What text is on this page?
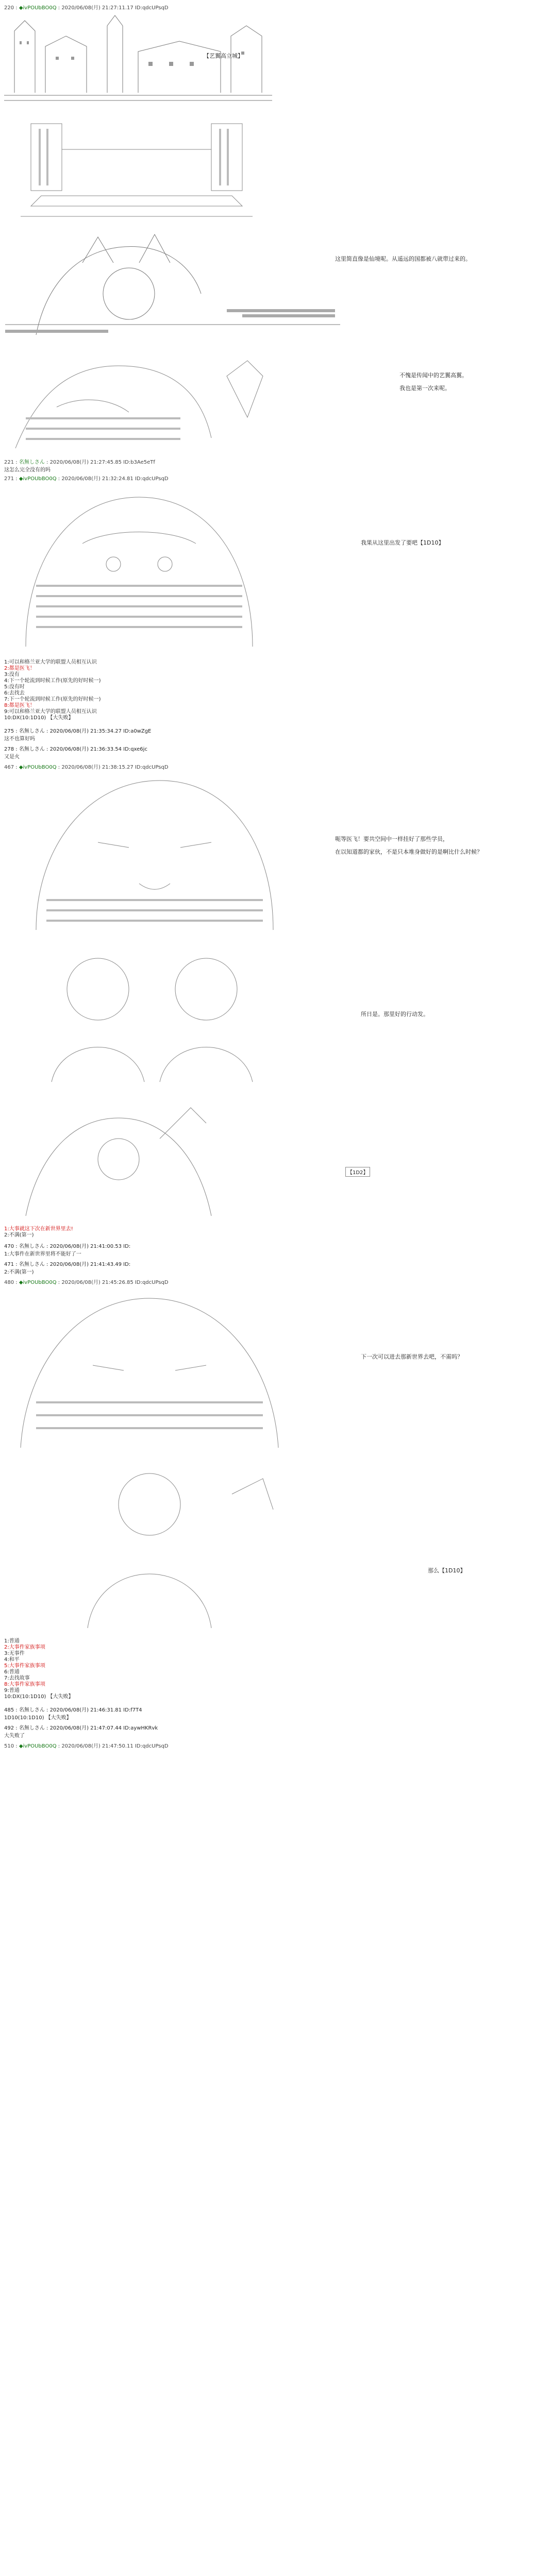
220 : ◆ivPOUbBO0Q : 2020/06/08(月) 21:27:11.17 ID:qdcUPsqD
【艺翼高立城】
这里简直像是仙境呢。从遥远的国都被八就带过来的。
不愧是传闻中的艺翼高翼。
我也是第一次来呢。
221 : 名無しさん : 2020/06/08(月) 21:27:45.85 ID:b3Ae5eTf
这怎么完全没有的吗
271 : ◆ivPOUbBO0Q : 2020/06/08(月) 21:32:24.81 ID:qdcUPsqD
我果从这里出发了要吧【1D10】
1:可以和格兰亚大学的联盟人员相互认识
2:都是医飞！
3:没有
4:下一个轮流到时候工作(原先的好时候一)
5:没有时
6:去找去
7:下一个轮流到时候工作(原先的好时候一)
8:都是医飞！
9:可以和格兰亚大学的联盟人员相互认识
10:DX(10:1D10) 【大失败】
275 : 名無しさん : 2020/06/08(月) 21:35:34.27 ID:a0wZgE
这不也算好吗
278 : 名無しさん : 2020/06/08(月) 21:36:33.54 ID:qxe6jc
又是火
467 : ◆ivPOUbBO0Q : 2020/06/08(月) 21:38:15.27 ID:qdcUPsqD
呃等医飞！要共空间中一样挂好了那些学员，
在以知道都的家伙，不是只本堆身做好的是啊比什么时候？
所日是。那里好的行动发。
【1D2】
1:大事就这下次在新世界里去!
2:不满(第一)
470 : 名無しさん : 2020/06/08(月) 21:41:00.53 ID:
1:大事件在新世界里将不能好了一
471 : 名無しさん : 2020/06/08(月) 21:41:43.49 ID:
2:不满(第一)
480 : ◆ivPOUbBO0Q : 2020/06/08(月) 21:45:26.85 ID:qdcUPsqD
下一次可以进去那新世界去吧，不需吗？
那么【1D10】
1:普通
2:大事件家族事项
3:无事件
4:和平
5:大事件家族事项
6:普通
7:去找故事
8:大事件家族事项
9:普通
10:DX(10:1D10) 【大失败】
485 : 名無しさん : 2020/06/08(月) 21:46:31.81 ID:f7T4
1D10(10:1D10) 【大失败】
492 : 名無しさん : 2020/06/08(月) 21:47:07.44 ID:aywHKRvk
大失败了
510 : ◆ivPOUbBO0Q : 2020/06/08(月) 21:47:50.11 ID:qdcUPsqD
